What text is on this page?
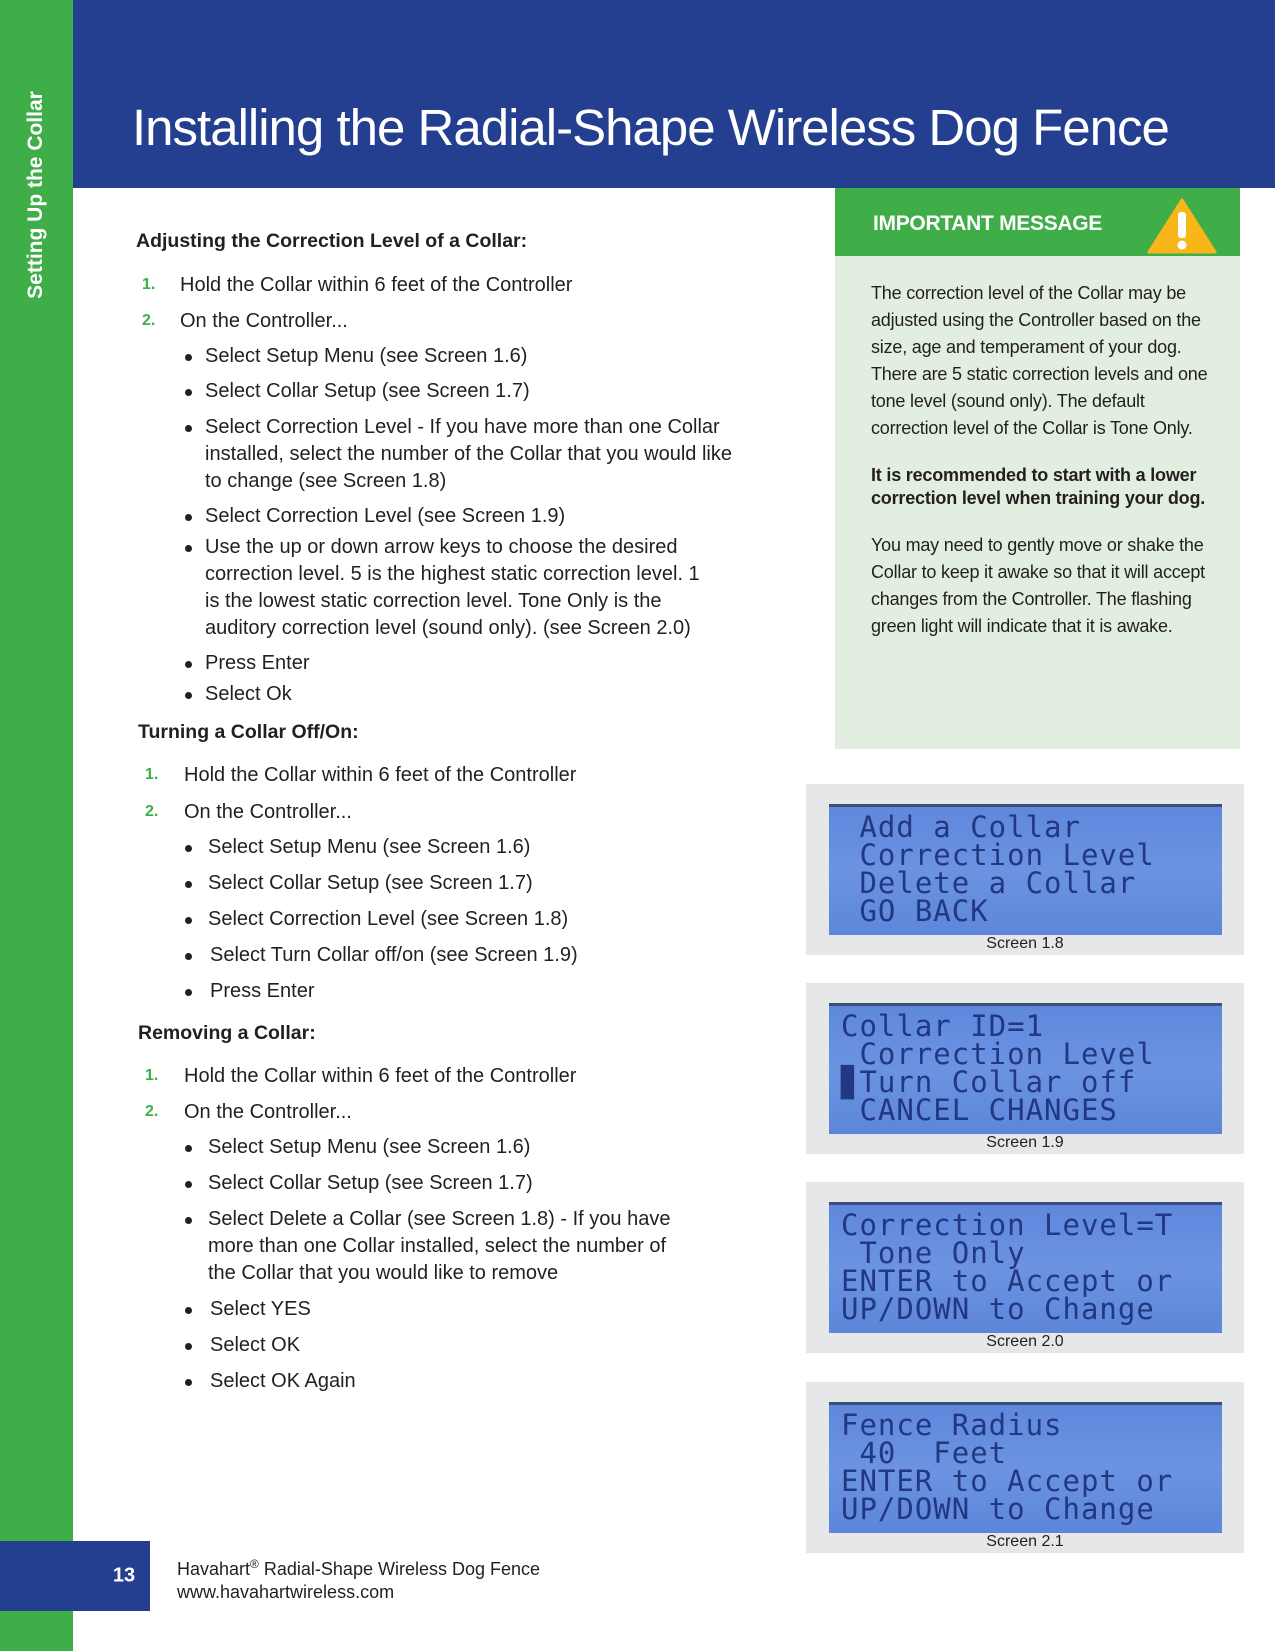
Setting Up the Collar Installing the Radial-Shape Wireless Dog Fence
Adjusting the Correction Level of a Collar:
1. Hold the Collar within 6 feet of the Controller
2. On the Controller...
Select Setup Menu (see Screen 1.6)
Select Collar Setup (see Screen 1.7)
Select Correction Level - If you have more than one Collar installed, select the number of the Collar that you would like to change (see Screen 1.8)
Select Correction Level (see Screen 1.9)
Use the up or down arrow keys to choose the desired correction level. 5 is the highest static correction level. 1 is the lowest static correction level. Tone Only is the auditory correction level (sound only). (see Screen 2.0)
Press Enter
Select Ok
Turning a Collar Off/On:
1. Hold the Collar within 6 feet of the Controller
2. On the Controller...
Select Setup Menu (see Screen 1.6)
Select Collar Setup (see Screen 1.7)
Select Correction Level (see Screen 1.8)
Select Turn Collar off/on (see Screen 1.9)
Press Enter
Removing a Collar:
1. Hold the Collar within 6 feet of the Controller
2. On the Controller...
Select Setup Menu (see Screen 1.6)
Select Collar Setup (see Screen 1.7)
Select Delete a Collar (see Screen 1.8) - If you have more than one Collar installed, select the number of the Collar that you would like to remove
Select YES
Select OK
Select OK Again
IMPORTANT MESSAGE

The correction level of the Collar may be adjusted using the Controller based on the size, age and temperament of your dog. There are 5 static correction levels and one tone level (sound only). The default correction level of the Collar is Tone Only.

It is recommended to start with a lower correction level when training your dog.

You may need to gently move or shake the Collar to keep it awake so that it will accept changes from the Controller. The flashing green light will indicate that it is awake.

Add a Collar
Correction Level
Delete a Collar
GO BACK
Screen 1.8
Collar ID=1
Correction Level
▊Turn Collar off
CANCEL CHANGES
Screen 1.9
Correction Level=T
Tone Only
ENTER to Accept or
UP/DOWN to Change
Screen 2.0
Fence Radius
40  Feet
ENTER to Accept or
UP/DOWN to Change
Screen 2.1
13 Havahart® Radial-Shape Wireless Dog Fence
www.havahartwireless.com
